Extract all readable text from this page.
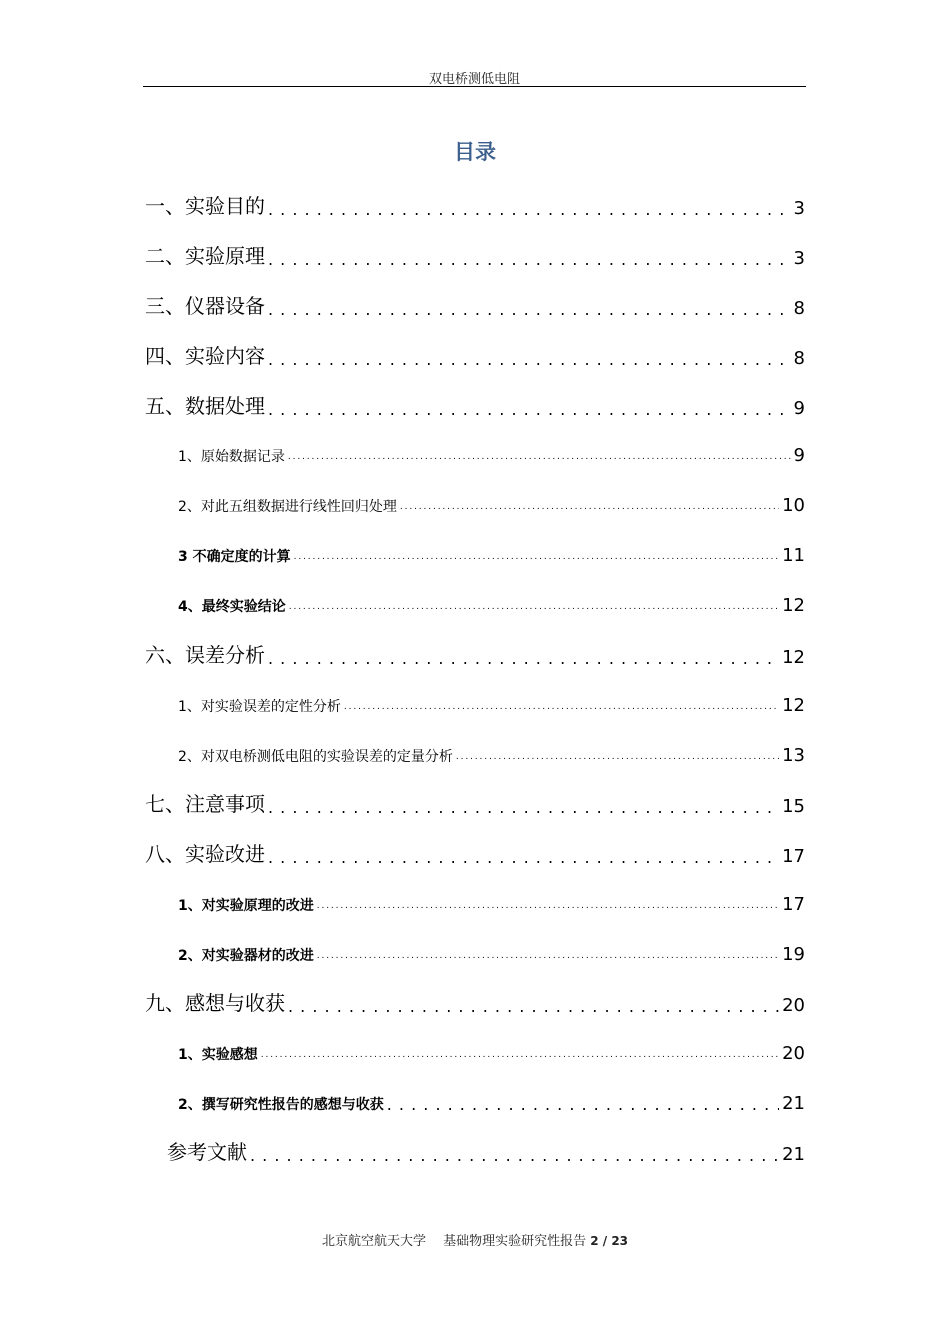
双电桥测低电阻
目录
一、实验目的 . . .	3
二、实验原理 . . .	3
三、仪器设备 . . .	8
四、实验内容 . . .	8
五、数据处理 . . .	9
1、原始数据记录 . . .	9
2、对此五组数据进行线性回归处理 . . .	10
3 不确定度的计算 . . .	11
4、最终实验结论 . . .	12
六、误差分析 . . .	12
1、对实验误差的定性分析 . . .	12
2、对双电桥测低电阻的实验误差的定量分析 . . .	13
七、注意事项 . . .	15
八、实验改进 . . .	17
1、对实验原理的改进 . . .	17
2、对实验器材的改进 . . .	19
九、感想与收获 . . .	20
1、实验感想 . . .	20
2、撰写研究性报告的感想与收获 . . .	21
参考文献 . . .	21
北京航空航天大学　 基础物理实验研究性报告 2 / 23
